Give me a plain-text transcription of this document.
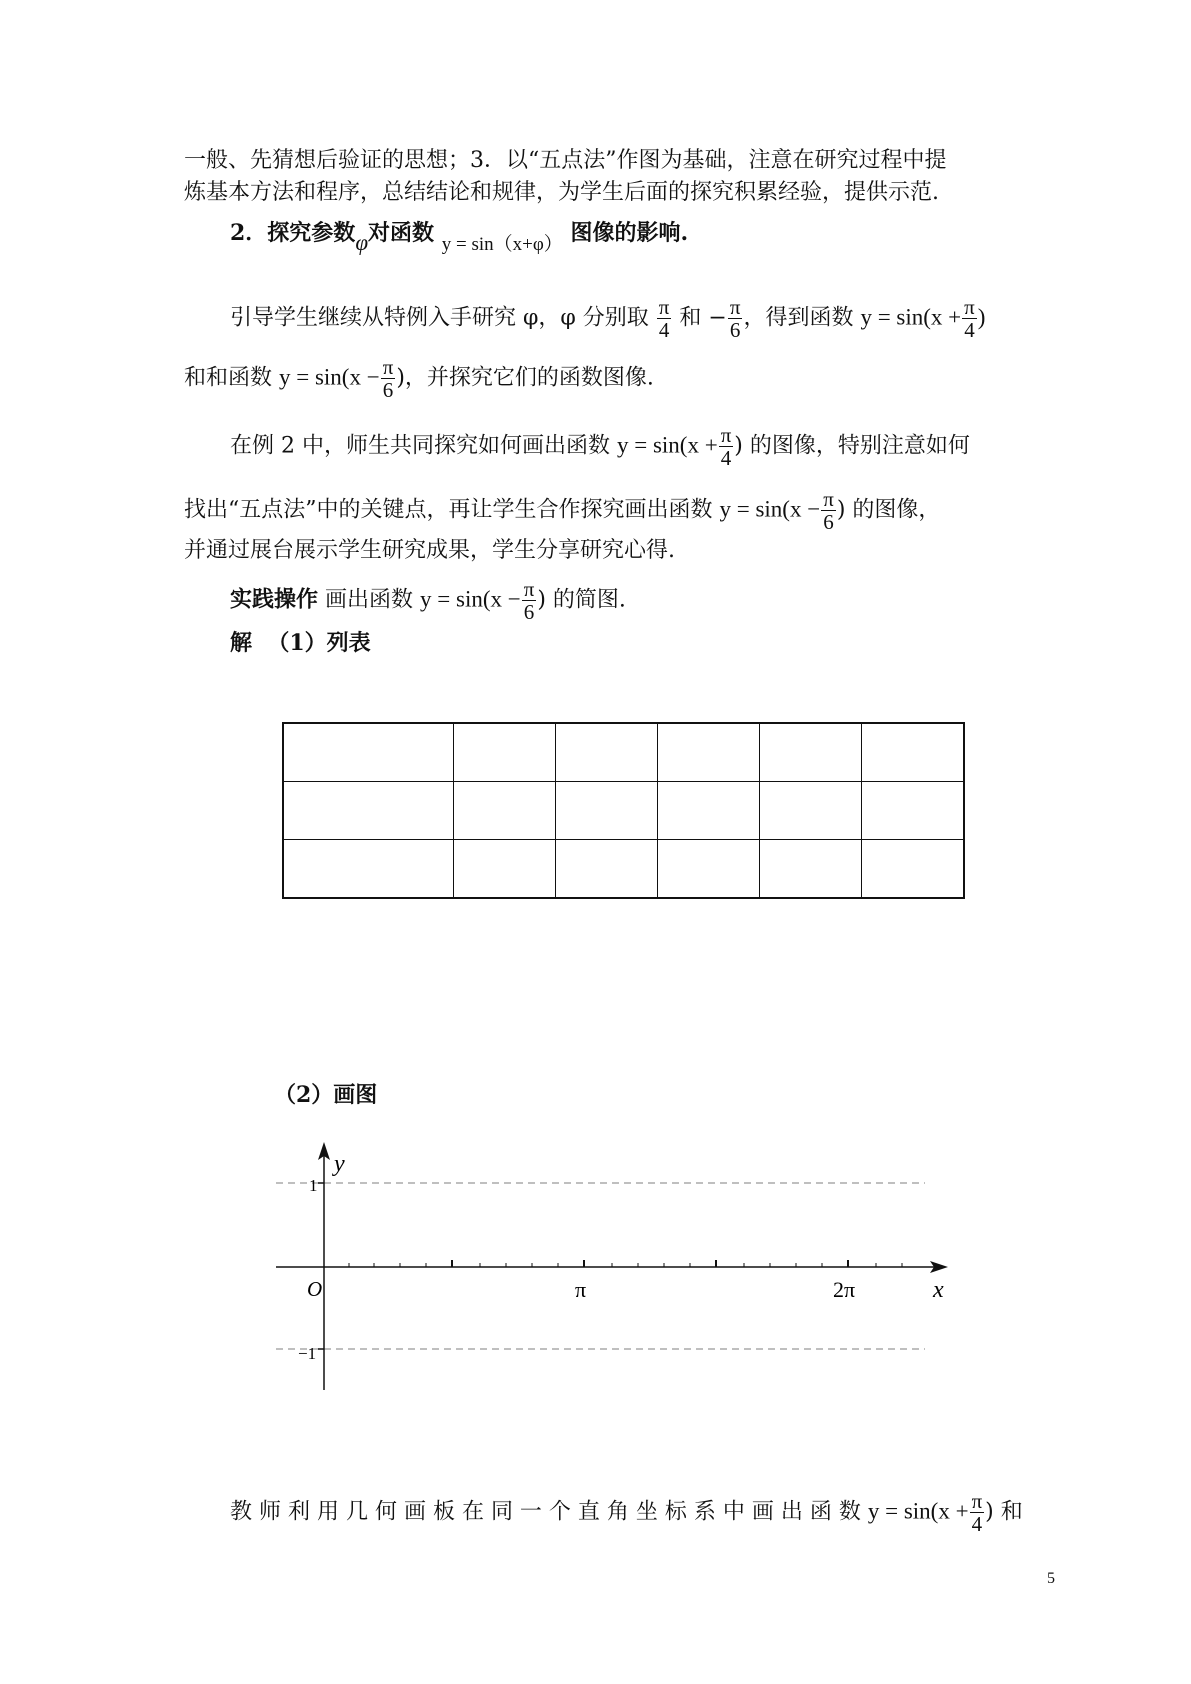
一般、先猜想后验证的思想；3．以“五点法”作图为基础，注意在研究过程中提
炼基本方法和程序，总结结论和规律，为学生后面的探究积累经验，提供示范.
2．探究参数φ对函数 y = sin（x+φ） 图像的影响.
引导学生继续从特例入手研究 φ，φ 分别取 $\frac{\pi}{4}$ 和 − $\frac{\pi}{6}$ ，得到函数 $y = \sin(x + \frac{\pi}{4}$ )
和和函数 $y = \sin(x - \frac{\pi}{6}$ )，并探究它们的函数图像.
在例 2 中，师生共同探究如何画出函数 $y = \sin(x + \frac{\pi}{4}$ ) 的图像，特别注意如何
找出“五点法”中的关键点，再让学生合作探究画出函数 $y = \sin(x - \frac{\pi}{6}$ ) 的图像，
并通过展台展示学生研究成果，学生分享研究心得.
实践操作 画出函数 $y = \sin(x - \frac{\pi}{6}$ ) 的简图.
解 （1）列表

（2）画图
y
x
O
1
−1
π	2π
教 师 利 用 几 何 画 板 在 同 一 个 直 角 坐 标 系 中 画 出 函 数 $y = \sin(x + \frac{\pi}{4}$ ) 和
5
